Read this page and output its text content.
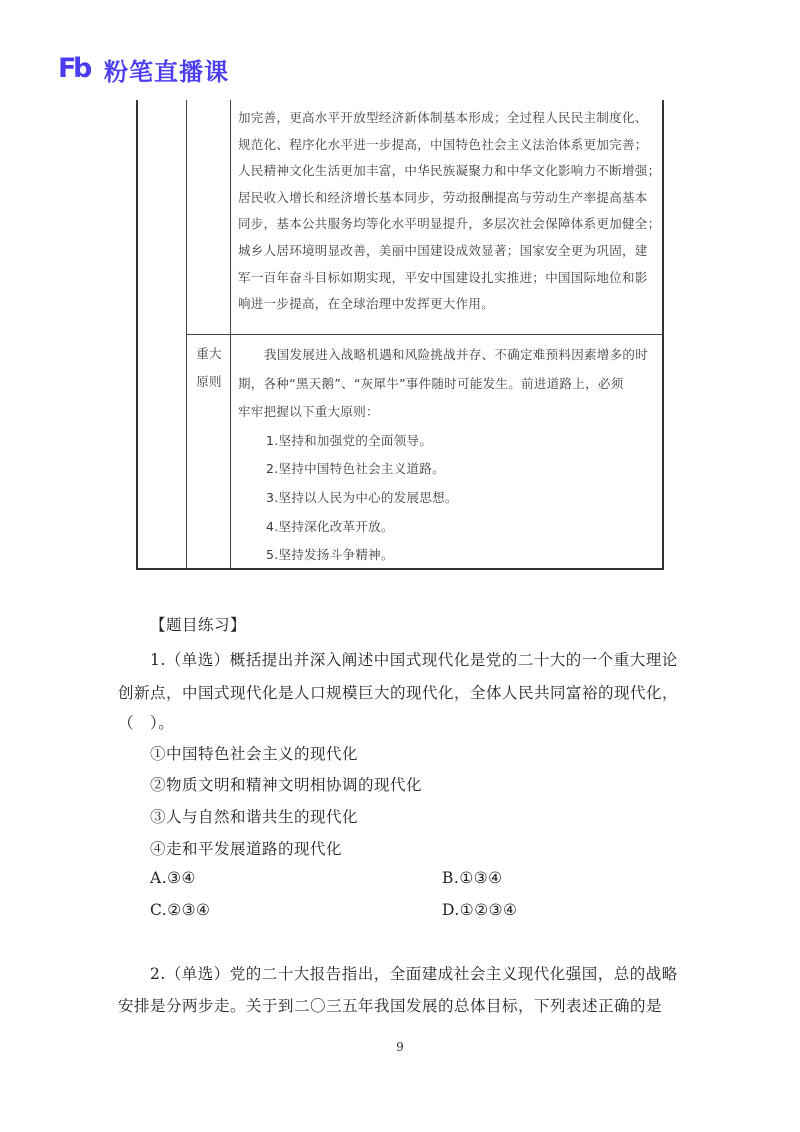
F
b 粉笔直播课
加完善，更高水平开放型经济新体制基本形成；全过程人民民主制度化、
规范化、程序化水平进一步提高，中国特色社会主义法治体系更加完善；
人民精神文化生活更加丰富，中华民族凝聚力和中华文化影响力不断增强；
居民收入增长和经济增长基本同步，劳动报酬提高与劳动生产率提高基本
同步，基本公共服务均等化水平明显提升，多层次社会保障体系更加健全；
城乡人居环境明显改善，美丽中国建设成效显著；国家安全更为巩固，建
军一百年奋斗目标如期实现，平安中国建设扎实推进；中国国际地位和影
响进一步提高，在全球治理中发挥更大作用。
重大
原则
我国发展进入战略机遇和风险挑战并存、不确定难预料因素增多的时
期，各种“黑天鹅”、“灰犀牛”事件随时可能发生。前进道路上，必须
牢牢把握以下重大原则：
1.坚持和加强党的全面领导。
2.坚持中国特色社会主义道路。
3.坚持以人民为中心的发展思想。
4.坚持深化改革开放。
5.坚持发扬斗争精神。
【题目练习】
1.（单选）概括提出并深入阐述中国式现代化是党的二十大的一个重大理论
创新点，中国式现代化是人口规模巨大的现代化，全体人民共同富裕的现代化，
（　）。
①中国特色社会主义的现代化
②物质文明和精神文明相协调的现代化
③人与自然和谐共生的现代化
④走和平发展道路的现代化
A.③④	B.①③④
C.②③④	D.①②③④
2.（单选）党的二十大报告指出，全面建成社会主义现代化强国，总的战略
安排是分两步走。关于到二〇三五年我国发展的总体目标，下列表述正确的是
9
